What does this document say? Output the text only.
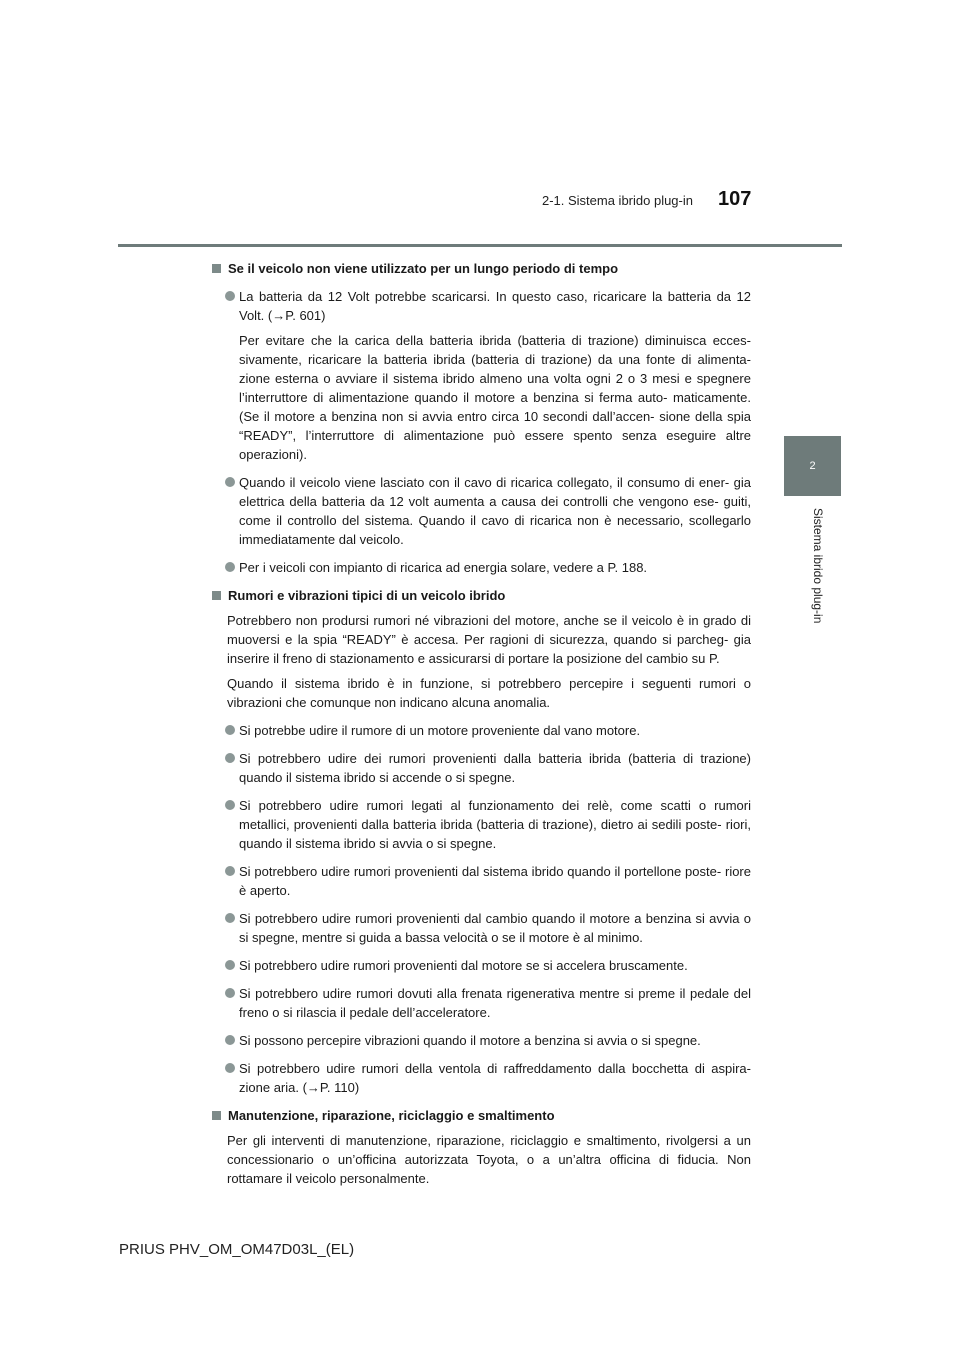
2-1. Sistema ibrido plug-in 107
2
Sistema ibrido plug-in
Se il veicolo non viene utilizzato per un lungo periodo di tempo
La batteria da 12 Volt potrebbe scaricarsi. In questo caso, ricaricare la batteria da 12 Volt. (→P. 601)
Per evitare che la carica della batteria ibrida (batteria di trazione) diminuisca ecces- sivamente, ricaricare la batteria ibrida (batteria di trazione) da una fonte di alimenta- zione esterna o avviare il sistema ibrido almeno una volta ogni 2 o 3 mesi e spegnere l’interruttore di alimentazione quando il motore a benzina si ferma auto- maticamente. (Se il motore a benzina non si avvia entro circa 10 secondi dall’accen- sione della spia “READY”, l’interruttore di alimentazione può essere spento senza eseguire altre operazioni).
Quando il veicolo viene lasciato con il cavo di ricarica collegato, il consumo di ener- gia elettrica della batteria da 12 volt aumenta a causa dei controlli che vengono ese- guiti, come il controllo del sistema. Quando il cavo di ricarica non è necessario, scollegarlo immediatamente dal veicolo.
Per i veicoli con impianto di ricarica ad energia solare, vedere a P. 188.
Rumori e vibrazioni tipici di un veicolo ibrido
Potrebbero non prodursi rumori né vibrazioni del motore, anche se il veicolo è in grado di muoversi e la spia “READY” è accesa. Per ragioni di sicurezza, quando si parcheg- gia inserire il freno di stazionamento e assicurarsi di portare la posizione del cambio su P.
Quando il sistema ibrido è in funzione, si potrebbero percepire i seguenti rumori o vibrazioni che comunque non indicano alcuna anomalia.
Si potrebbe udire il rumore di un motore proveniente dal vano motore.
Si potrebbero udire dei rumori provenienti dalla batteria ibrida (batteria di trazione) quando il sistema ibrido si accende o si spegne.
Si potrebbero udire rumori legati al funzionamento dei relè, come scatti o rumori metallici, provenienti dalla batteria ibrida (batteria di trazione), dietro ai sedili poste- riori, quando il sistema ibrido si avvia o si spegne.
Si potrebbero udire rumori provenienti dal sistema ibrido quando il portellone poste- riore è aperto.
Si potrebbero udire rumori provenienti dal cambio quando il motore a benzina si avvia o si spegne, mentre si guida a bassa velocità o se il motore è al minimo.
Si potrebbero udire rumori provenienti dal motore se si accelera bruscamente.
Si potrebbero udire rumori dovuti alla frenata rigenerativa mentre si preme il pedale del freno o si rilascia il pedale dell’acceleratore.
Si possono percepire vibrazioni quando il motore a benzina si avvia o si spegne.
Si potrebbero udire rumori della ventola di raffreddamento dalla bocchetta di aspira- zione aria. (→P. 110)
Manutenzione, riparazione, riciclaggio e smaltimento
Per gli interventi di manutenzione, riparazione, riciclaggio e smaltimento, rivolgersi a un concessionario o un’officina autorizzata Toyota, o a un’altra officina di fiducia. Non rottamare il veicolo personalmente.
PRIUS PHV_OM_OM47D03L_(EL)
